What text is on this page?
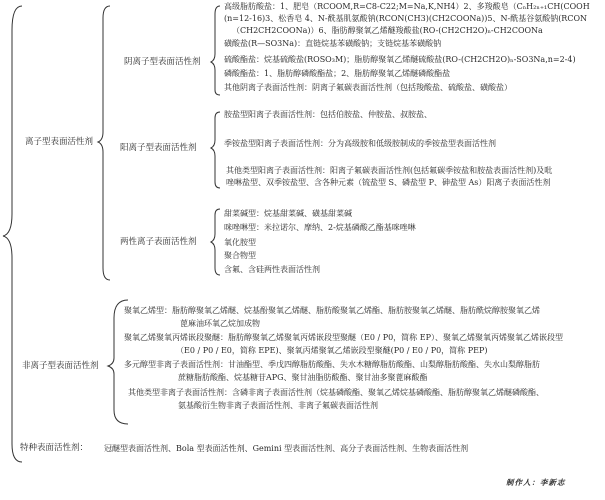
离子型表面活性剂
阴离子型表面活性剂
阳离子型表面活性剂
两性离子表面活性剂
非离子型表面活性剂
特种表面活性剂：
高级脂肪酸盐：1、肥皂（RCOOM,R=C8-C22;M=Na,K,NH4）2、多羧酸皂（CₙH₂ₙ₊₁CH(COOH
(n=12-16)3、松香皂 4、N-酰基肌氨酸钠(RCON(CH3)(CH2COONa))5、N-酰基谷氨酸钠(RCON
（CH2CH2COONa)）6、脂肪醇聚氧乙烯醚羧酸盐(RO-(CH2CH2O)ₙ-CH2COONa
磺酸盐(R—SO3Na)：直链烷基苯磺酸钠；支链烷基苯磺酸钠
硫酸酯盐：烷基硫酸盐(ROSO₃M)；脂肪醇聚氧乙烯醚硫酸盐(RO-(CH2CH2O)ₙ-SO3Na,n=2-4)
磷酸酯盐：1、脂肪醇磷酸酯盐；2、脂肪醇聚氧乙烯醚磷酸酯盐
其他阴离子表面活性剂：阴离子氟碳表面活性剂（包括羧酸盐、硫酸盐、磺酸盐）
胺盐型阳离子表面活性剂：包括伯胺盐、仲胺盐、叔胺盐、
季铵盐型阳离子表面活性剂：分为高级胺和低级胺制成的季铵盐型表面活性剂
其他类型阳离子表面活性剂：阳离子氟碳表面活性剂(包括氟碳季铵盐和胺盐表面活性剂)及吡
唑啉盐型、双季铵盐型、含各种元素（锍盐型 S、磷盐型 P、砷盐型 As）阳离子表面活性剂
甜菜碱型：烷基甜菜碱、磺基甜菜碱
咪唑啉型：米拉诺尔、摩纳、2-烷基磷酸乙酯基咪唑啉
氧化胺型
聚合物型
含氟、含硅两性表面活性剂
聚氧乙烯型：脂肪醇聚氧乙烯醚、烷基酚聚氧乙烯醚、脂肪酸聚氧乙烯酯、脂肪胺聚氧乙烯醚、脂肪酰烷醇胺聚氧乙烯
蓖麻油环氧乙烷加成物
聚氧乙烯聚氧丙烯嵌段聚醚：脂肪醇聚氧乙烯聚氧丙烯嵌段型聚醚（E0 / P0，简称 EP）、聚氧乙烯聚氧丙烯聚氧乙烯嵌段型
（E0 / P0 / E0，简称 EPE)、聚氧丙烯聚氧乙烯嵌段型聚醚(P0 / E0 / P0，简称 PEP)
多元醇型非离子表面活性剂：甘油酯型、季戊四醇脂肪酸酯、失水木糖醇脂肪酸酯、山梨醇脂肪酸酯、失水山梨醇脂肪
蔗糖脂肪酸酯、烷基糖苷APG、聚甘油脂肪酸酯、聚甘油多聚蓖麻酸酯
其他类型非离子表面活性剂：含磷非离子表面活性剂（烷基磷酸酯、聚氧乙烯烷基磷酸酯、脂肪醇聚氧乙烯醚磷酸酯、
氨基酸衍生物非离子表面活性剂、非离子氟碳表面活性剂
冠醚型表面活性剂、Bola 型表面活性剂、Gemini 型表面活性剂、高分子表面活性剂、生物表面活性剂
制作人：李新志
